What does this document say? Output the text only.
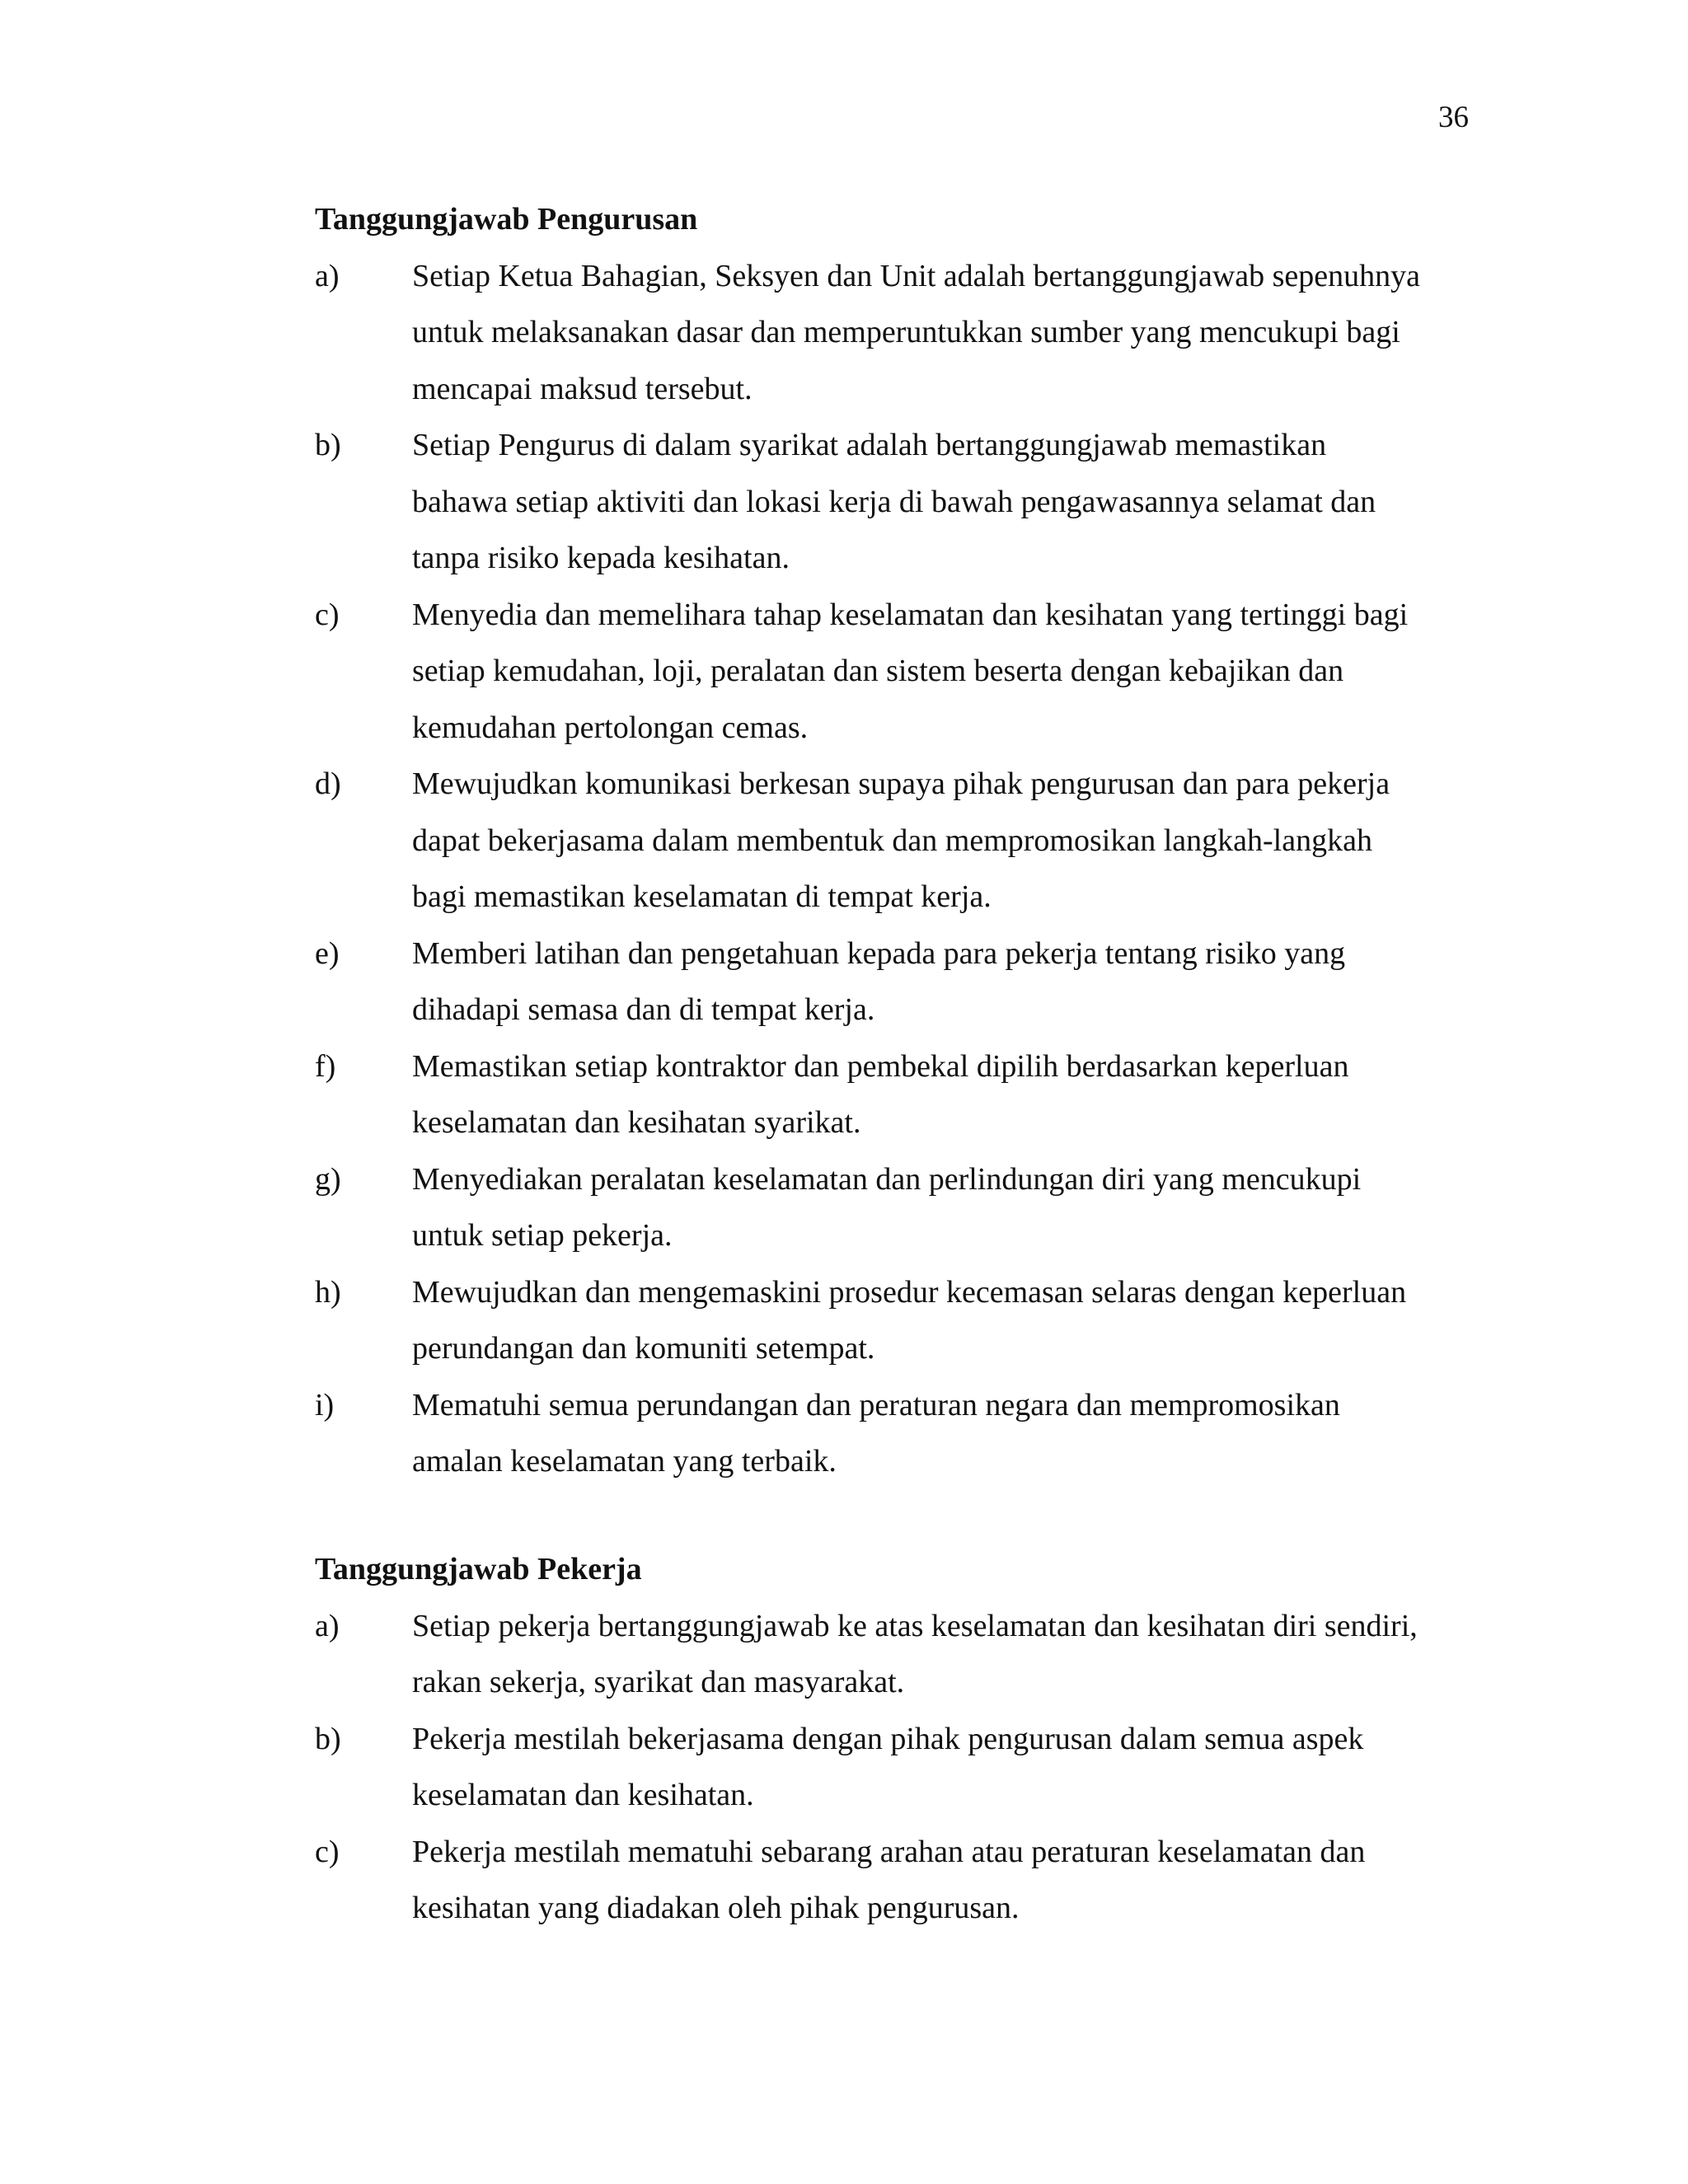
36
Tanggungjawab Pengurusan
a)	Setiap Ketua Bahagian, Seksyen dan Unit adalah bertanggungjawab sepenuhnya
untuk melaksanakan dasar dan memperuntukkan sumber yang mencukupi bagi
mencapai maksud tersebut.
b)	Setiap Pengurus di dalam syarikat adalah bertanggungjawab memastikan
bahawa setiap aktiviti dan lokasi kerja di bawah pengawasannya selamat dan
tanpa risiko kepada kesihatan.
c)	Menyedia dan memelihara tahap keselamatan dan kesihatan yang tertinggi bagi
setiap kemudahan, loji, peralatan dan sistem beserta dengan kebajikan dan
kemudahan pertolongan cemas.
d)	Mewujudkan komunikasi berkesan supaya pihak pengurusan dan para pekerja
dapat bekerjasama dalam membentuk dan mempromosikan langkah-langkah
bagi memastikan keselamatan di tempat kerja.
e)	Memberi latihan dan pengetahuan kepada para pekerja tentang risiko yang
dihadapi semasa dan di tempat kerja.
f)	Memastikan setiap kontraktor dan pembekal dipilih berdasarkan keperluan
keselamatan dan kesihatan syarikat.
g)	Menyediakan peralatan keselamatan dan perlindungan diri yang mencukupi
untuk setiap pekerja.
h)	Mewujudkan dan mengemaskini prosedur kecemasan selaras dengan keperluan
perundangan dan komuniti setempat.
i)	Mematuhi semua perundangan dan peraturan negara dan mempromosikan
amalan keselamatan yang terbaik.
Tanggungjawab Pekerja
a)	Setiap pekerja bertanggungjawab ke atas keselamatan dan kesihatan diri sendiri,
rakan sekerja, syarikat dan masyarakat.
b)	Pekerja mestilah bekerjasama dengan pihak pengurusan dalam semua aspek
keselamatan dan kesihatan.
c)	Pekerja mestilah mematuhi sebarang arahan atau peraturan keselamatan dan
kesihatan yang diadakan oleh pihak pengurusan.
